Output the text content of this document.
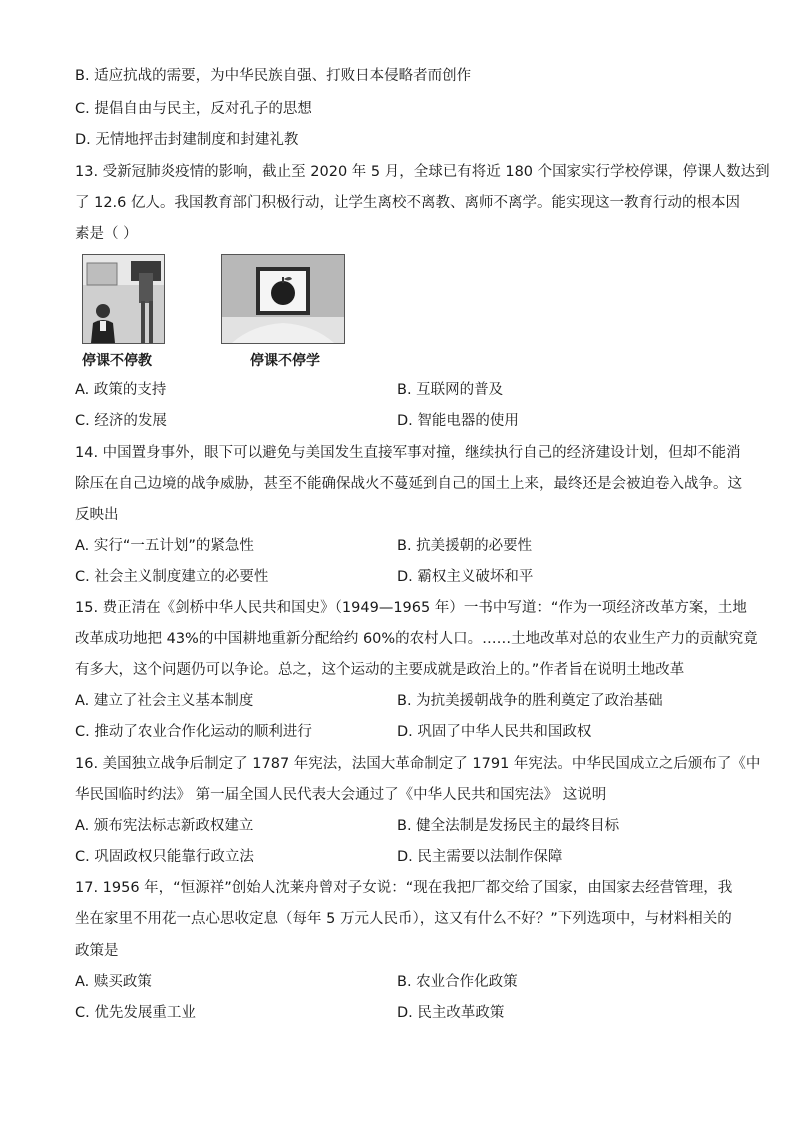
B. 适应抗战的需要，为中华民族自强、打败日本侵略者而创作
C. 提倡自由与民主，反对孔子的思想
D. 无情地抨击封建制度和封建礼教
13. 受新冠肺炎疫情的影响，截止至 2020 年 5 月，全球已有将近 180 个国家实行学校停课，停课人数达到
了 12.6 亿人。我国教育部门积极行动，让学生离校不离教、离师不离学。能实现这一教育行动的根本因
素是（ ）
停课不停教	停课不停学
A. 政策的支持	B. 互联网的普及
C. 经济的发展	D. 智能电器的使用
14. 中国置身事外，眼下可以避免与美国发生直接军事对撞，继续执行自己的经济建设计划，但却不能消
除压在自己边境的战争威胁，甚至不能确保战火不蔓延到自己的国土上来，最终还是会被迫卷入战争。这
反映出
A. 实行“一五计划”的紧急性	B. 抗美援朝的必要性
C. 社会主义制度建立的必要性	D. 霸权主义破坏和平
15. 费正清在《剑桥中华人民共和国史》（1949—1965 年）一书中写道：“作为一项经济改革方案，土地
改革成功地把 43%的中国耕地重新分配给约 60%的农村人口。……土地改革对总的农业生产力的贡献究竟
有多大，这个问题仍可以争论。总之，这个运动的主要成就是政治上的。”作者旨在说明土地改革
A. 建立了社会主义基本制度	B. 为抗美援朝战争的胜利奠定了政治基础
C. 推动了农业合作化运动的顺利进行	D. 巩固了中华人民共和国政权
16. 美国独立战争后制定了 1787 年宪法，法国大革命制定了 1791 年宪法。中华民国成立之后颁布了《中
华民国临时约法》 第一届全国人民代表大会通过了《中华人民共和国宪法》 这说明
A. 颁布宪法标志新政权建立	B. 健全法制是发扬民主的最终目标
C. 巩固政权只能靠行政立法	D. 民主需要以法制作保障
17. 1956 年，“恒源祥”创始人沈莱舟曾对子女说：“现在我把厂都交给了国家，由国家去经营管理，我
坐在家里不用花一点心思收定息（每年 5 万元人民币），这又有什么不好？”下列选项中，与材料相关的
政策是
A. 赎买政策	B. 农业合作化政策
C. 优先发展重工业	D. 民主改革政策
